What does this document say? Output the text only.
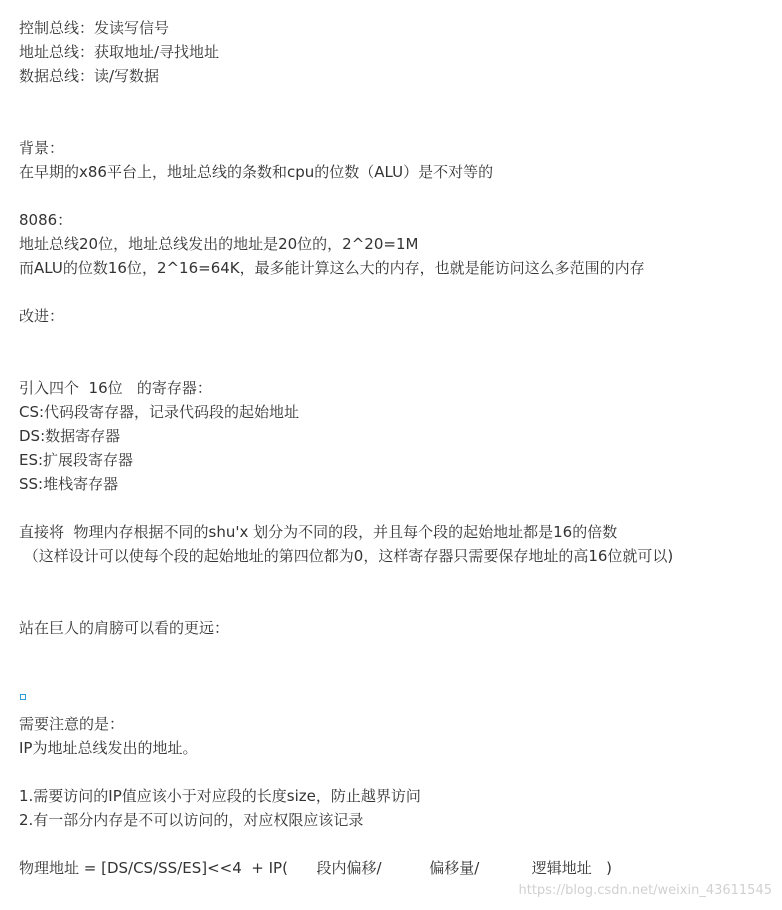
控制总线：发读写信号
地址总线：获取地址/寻找地址
数据总线：读/写数据
背景：
在早期的x86平台上，地址总线的条数和cpu的位数（ALU）是不对等的
8086：
地址总线20位，地址总线发出的地址是20位的，2^20=1M
而ALU的位数16位，2^16=64K，最多能计算这么大的内存，也就是能访问这么多范围的内存
改进：
引入四个  16位   的寄存器：
CS:代码段寄存器，记录代码段的起始地址
DS:数据寄存器
ES:扩展段寄存器
SS:堆栈寄存器
直接将  物理内存根据不同的shu'x 划分为不同的段，并且每个段的起始地址都是16的倍数
（这样设计可以使每个段的起始地址的第四位都为0，这样寄存器只需要保存地址的高16位就可以)
站在巨人的肩膀可以看的更远：

需要注意的是：
IP为地址总线发出的地址。
1.需要访问的IP值应该小于对应段的长度size，防止越界访问
2.有一部分内存是不可以访问的，对应权限应该记录
物理地址 = [DS/CS/SS/ES]<<4  + IP(      段内偏移/          偏移量/           逻辑地址   )
https://blog.csdn.net/weixin_43611545
